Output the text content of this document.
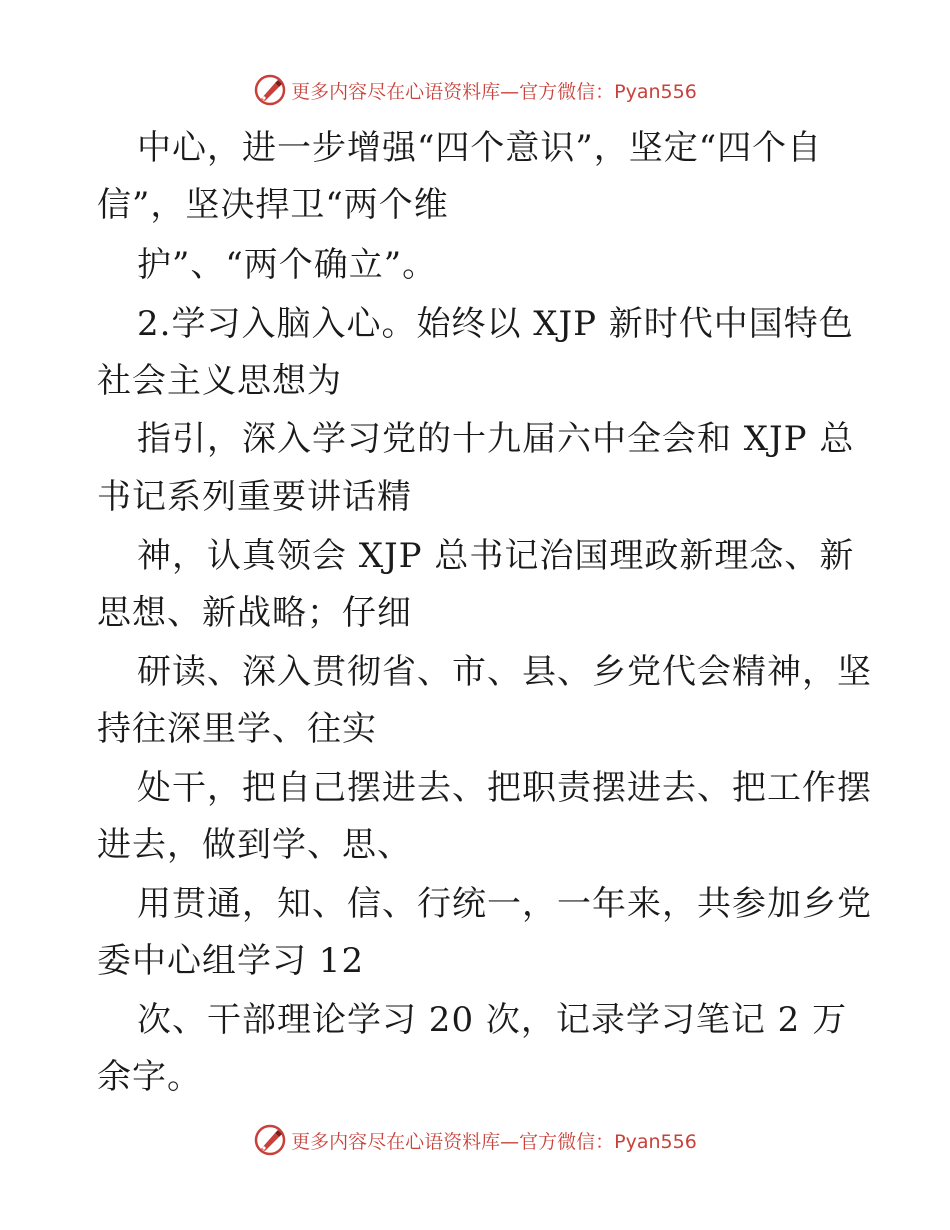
更多内容尽在心语资料库—官方微信：Pyan556
中心，进一步增强“四个意识”，坚定“四个自
信”，坚决捍卫“两个维
护”、“两个确立”。
2.学习入脑入心。始终以 XJP 新时代中国特色
社会主义思想为
指引，深入学习党的十九届六中全会和 XJP 总
书记系列重要讲话精
神，认真领会 XJP 总书记治国理政新理念、新
思想、新战略；仔细
研读、深入贯彻省、市、县、乡党代会精神，坚
持往深里学、往实
处干，把自己摆进去、把职责摆进去、把工作摆
进去，做到学、思、
用贯通，知、信、行统一，一年来，共参加乡党
委中心组学习 12
次、干部理论学习 20 次，记录学习笔记 2 万
余字。
更多内容尽在心语资料库—官方微信：Pyan556
